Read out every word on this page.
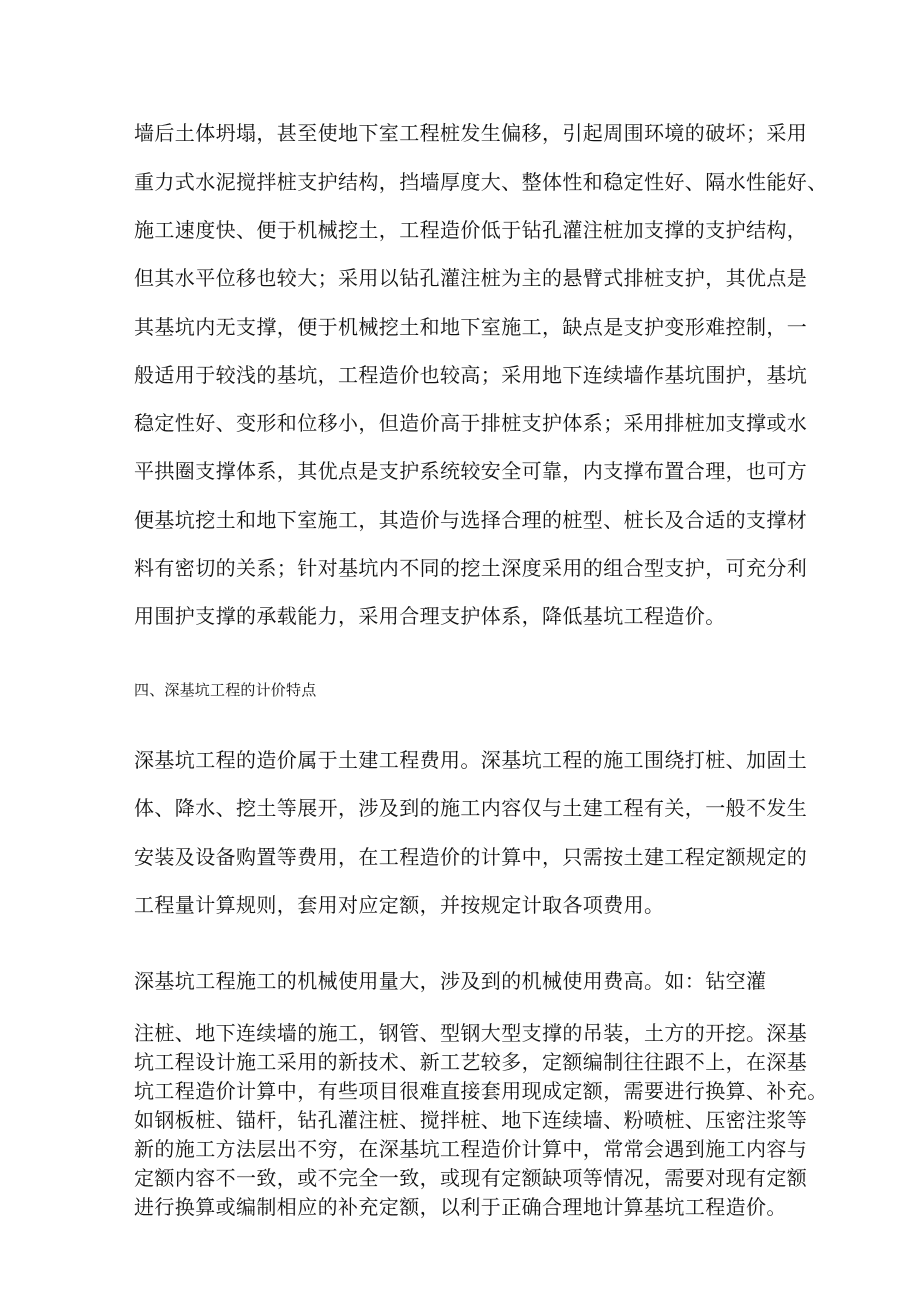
墙后土体坍塌，甚至使地下室工程桩发生偏移，引起周围环境的破坏；采用
重力式水泥搅拌桩支护结构，挡墙厚度大、整体性和稳定性好、隔水性能好、
施工速度快、便于机械挖土，工程造价低于钻孔灌注桩加支撑的支护结构，
但其水平位移也较大；采用以钻孔灌注桩为主的悬臂式排桩支护，其优点是
其基坑内无支撑，便于机械挖土和地下室施工，缺点是支护变形难控制，一
般适用于较浅的基坑，工程造价也较高；采用地下连续墙作基坑围护，基坑
稳定性好、变形和位移小，但造价高于排桩支护体系；采用排桩加支撑或水
平拱圈支撑体系，其优点是支护系统较安全可靠，内支撑布置合理，也可方
便基坑挖土和地下室施工，其造价与选择合理的桩型、桩长及合适的支撑材
料有密切的关系；针对基坑内不同的挖土深度采用的组合型支护，可充分利
用围护支撑的承载能力，采用合理支护体系，降低基坑工程造价。
四、深基坑工程的计价特点
深基坑工程的造价属于土建工程费用。深基坑工程的施工围绕打桩、加固土
体、降水、挖土等展开，涉及到的施工内容仅与土建工程有关，一般不发生
安装及设备购置等费用，在工程造价的计算中，只需按土建工程定额规定的
工程量计算规则，套用对应定额，并按规定计取各项费用。
深基坑工程施工的机械使用量大，涉及到的机械使用费高。如：钻空灌
注桩、地下连续墙的施工，钢管、型钢大型支撑的吊装，土方的开挖。深基
坑工程设计施工采用的新技术、新工艺较多，定额编制往往跟不上，在深基
坑工程造价计算中，有些项目很难直接套用现成定额，需要进行换算、补充。
如钢板桩、锚杆，钻孔灌注桩、搅拌桩、地下连续墙、粉喷桩、压密注浆等
新的施工方法层出不穷，在深基坑工程造价计算中，常常会遇到施工内容与
定额内容不一致，或不完全一致，或现有定额缺项等情况，需要对现有定额
进行换算或编制相应的补充定额，以利于正确合理地计算基坑工程造价。
